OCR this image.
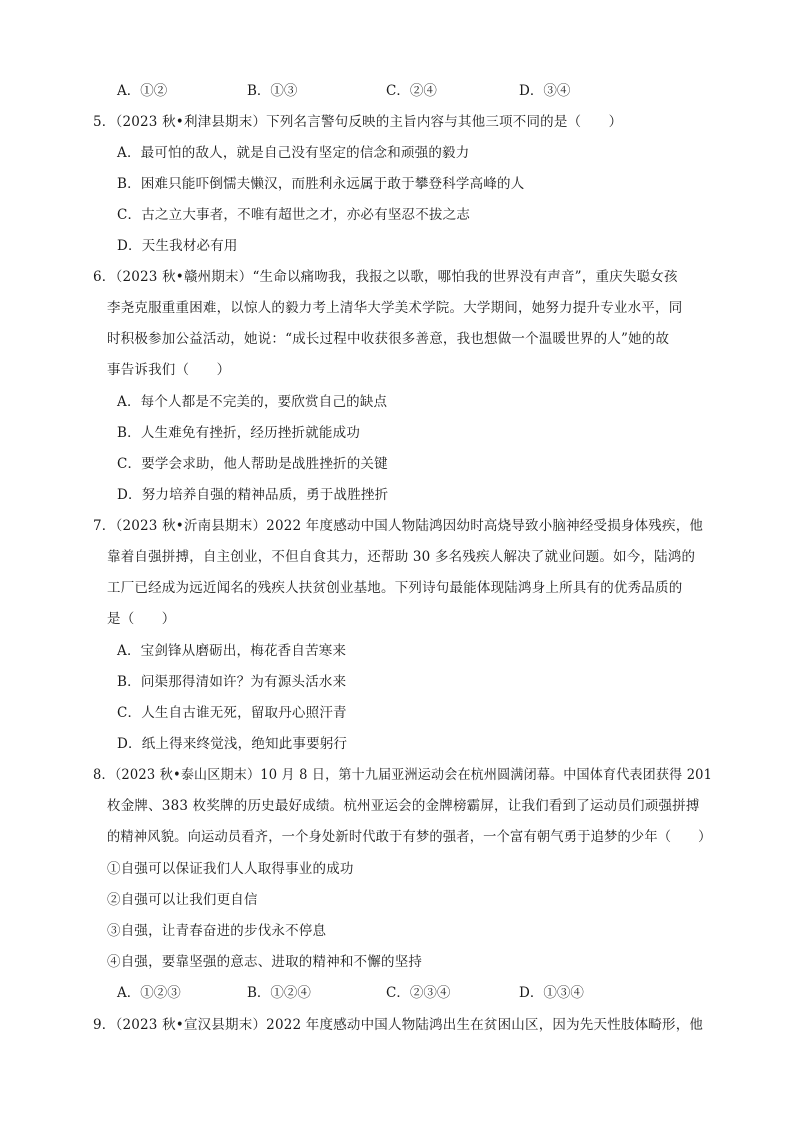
A．①②	B．①③	C．②④	D．③④
5．（2023 秋•利津县期末）下列名言警句反映的主旨内容与其他三项不同的是（　　）
A．最可怕的敌人，就是自己没有坚定的信念和顽强的毅力
B．困难只能吓倒懦夫懒汉，而胜利永远属于敢于攀登科学高峰的人
C．古之立大事者，不唯有超世之才，亦必有坚忍不拔之志
D．天生我材必有用
6．（2023 秋•赣州期末）“生命以痛吻我，我报之以歌，哪怕我的世界没有声音”，重庆失聪女孩
李尧克服重重困难，以惊人的毅力考上清华大学美术学院。大学期间，她努力提升专业水平，同
时积极参加公益活动，她说：“成长过程中收获很多善意，我也想做一个温暖世界的人”她的故
事告诉我们（　　）
A．每个人都是不完美的，要欣赏自己的缺点
B．人生难免有挫折，经历挫折就能成功
C．要学会求助，他人帮助是战胜挫折的关键
D．努力培养自强的精神品质，勇于战胜挫折
7．（2023 秋•沂南县期末）2022 年度感动中国人物陆鸿因幼时高烧导致小脑神经受损身体残疾，他
靠着自强拼搏，自主创业，不但自食其力，还帮助 30 多名残疾人解决了就业问题。如今，陆鸿的
工厂已经成为远近闻名的残疾人扶贫创业基地。下列诗句最能体现陆鸿身上所具有的优秀品质的
是（　　）
A．宝剑锋从磨砺出，梅花香自苦寒来
B．问渠那得清如许？为有源头活水来
C．人生自古谁无死，留取丹心照汗青
D．纸上得来终觉浅，绝知此事要躬行
8．（2023 秋•泰山区期末）10 月 8 日，第十九届亚洲运动会在杭州圆满闭幕。中国体育代表团获得 201
枚金牌、383 枚奖牌的历史最好成绩。杭州亚运会的金牌榜霸屏，让我们看到了运动员们顽强拼搏
的精神风貌。向运动员看齐，一个身处新时代敢于有梦的强者，一个富有朝气勇于追梦的少年（　　）
①自强可以保证我们人人取得事业的成功
②自强可以让我们更自信
③自强，让青春奋进的步伐永不停息
④自强，要靠坚强的意志、进取的精神和不懈的坚持
A．①②③	B．①②④	C．②③④	D．①③④
9．（2023 秋•宣汉县期末）2022 年度感动中国人物陆鸿出生在贫困山区，因为先天性肢体畸形，他
